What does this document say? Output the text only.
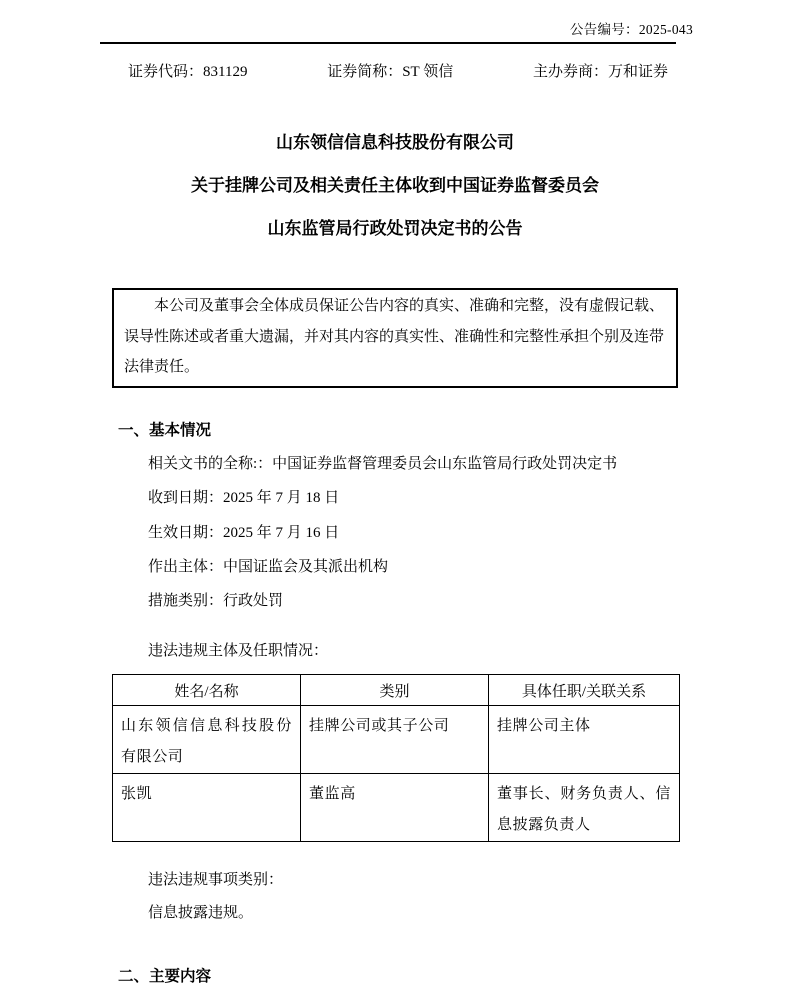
公告编号：2025-043
证券代码：831129	证券简称：ST 领信	主办券商：万和证券
山东领信信息科技股份有限公司
关于挂牌公司及相关责任主体收到中国证券监督委员会
山东监管局行政处罚决定书的公告
本公司及董事会全体成员保证公告内容的真实、准确和完整，没有虚假记载、误导性陈述或者重大遗漏，并对其内容的真实性、准确性和完整性承担个别及连带法律责任。
一、基本情况
相关文书的全称:：中国证券监督管理委员会山东监管局行政处罚决定书
收到日期：2025 年 7 月 18 日
生效日期：2025 年 7 月 16 日
作出主体：中国证监会及其派出机构
措施类别：行政处罚
违法违规主体及任职情况：
姓名/名称	类别	具体任职/关联关系
山东领信信息科技股份有限公司	挂牌公司或其子公司	挂牌公司主体
张凯	董监高	董事长、财务负责人、信息披露负责人
违法违规事项类别：
信息披露违规。
二、主要内容
